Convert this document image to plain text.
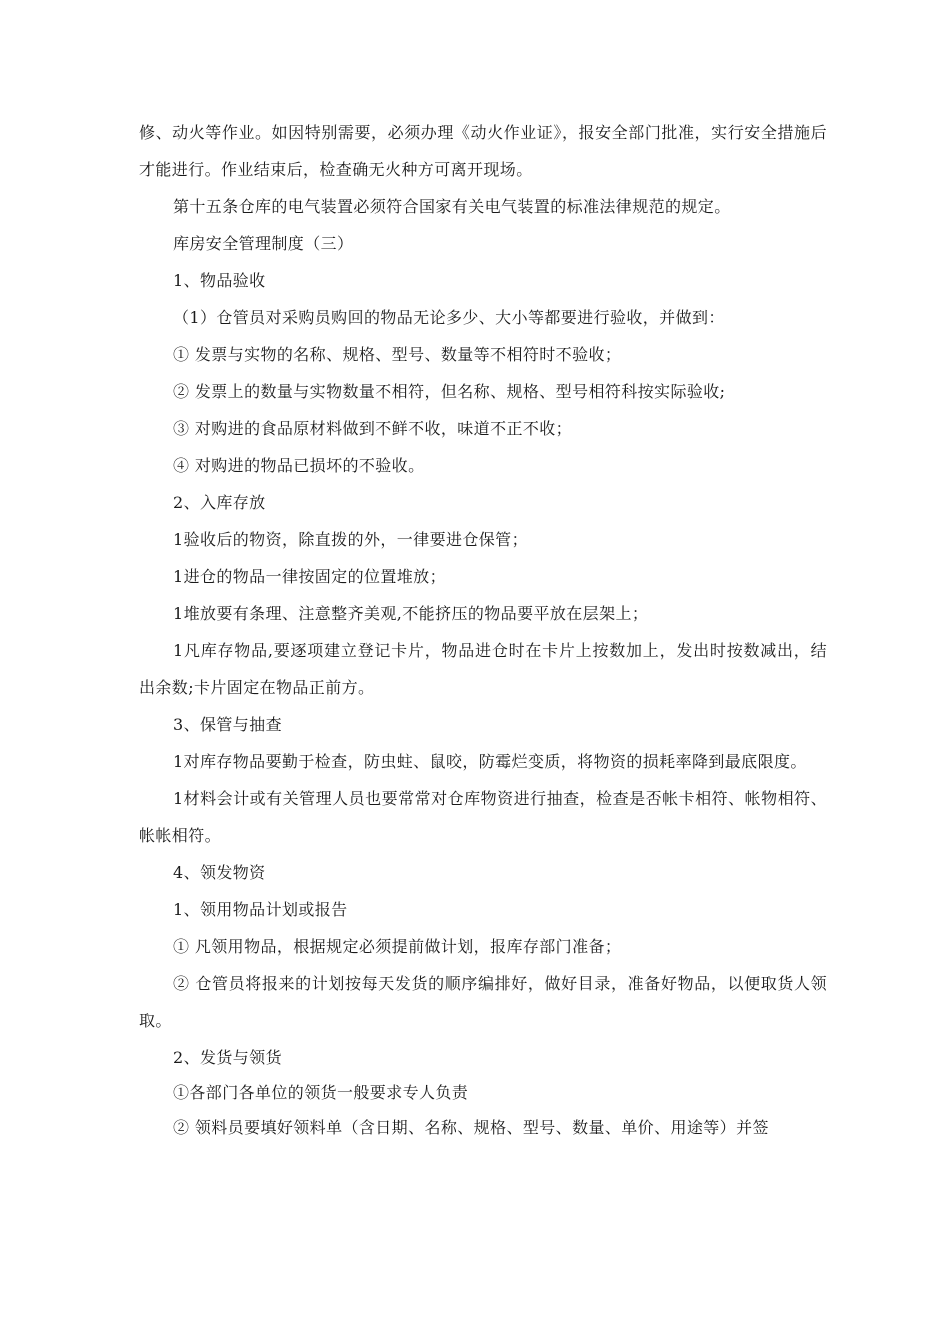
修、动火等作业。如因特别需要，必须办理《动火作业证》，报安全部门批准，实行安全措施后才能进行。作业结束后，检查确无火种方可离开现场。

第十五条仓库的电气装置必须符合国家有关电气装置的标准法律规范的规定。

库房安全管理制度（三）

1、物品验收

（1）仓管员对采购员购回的物品无论多少、大小等都要进行验收，并做到：

① 发票与实物的名称、规格、型号、数量等不相符时不验收；

② 发票上的数量与实物数量不相符，但名称、规格、型号相符科按实际验收;

③ 对购进的食品原材料做到不鲜不收，味道不正不收；

④ 对购进的物品已损坏的不验收。

2、入库存放

1验收后的物资，除直拨的外，一律要进仓保管；

1进仓的物品一律按固定的位置堆放；

1堆放要有条理、注意整齐美观,不能挤压的物品要平放在层架上；

1凡库存物品,要逐项建立登记卡片，物品进仓时在卡片上按数加上，发出时按数减出，结出余数;卡片固定在物品正前方。

3、保管与抽查

1对库存物品要勤于检查，防虫蛀、鼠咬，防霉烂变质，将物资的损耗率降到最底限度。

1材料会计或有关管理人员也要常常对仓库物资进行抽查，检查是否帐卡相符、帐物相符、帐帐相符。

4、领发物资

1、领用物品计划或报告

① 凡领用物品，根据规定必须提前做计划，报库存部门准备；

② 仓管员将报来的计划按每天发货的顺序编排好，做好目录，准备好物品，以便取货人领取。

2、发货与领货

①各部门各单位的领货一般要求专人负责

② 领料员要填好领料单（含日期、名称、规格、型号、数量、单价、用途等）并签
